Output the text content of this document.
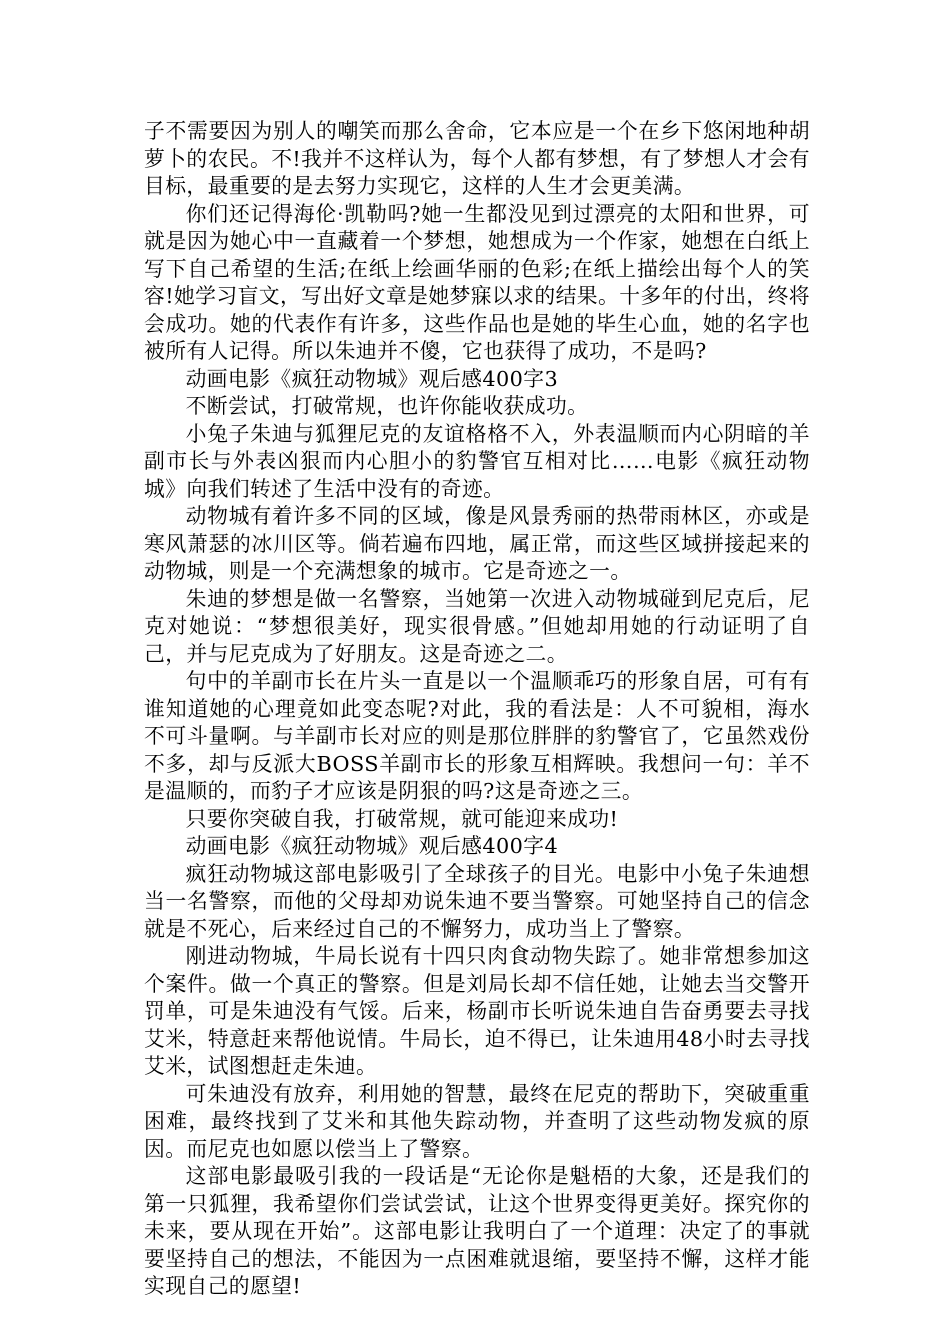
子不需要因为别人的嘲笑而那么舍命，它本应是一个在乡下悠闲地种胡萝卜的农民。不!我并不这样认为，每个人都有梦想，有了梦想人才会有目标，最重要的是去努力实现它，这样的人生才会更美满。

你们还记得海伦·凯勒吗?她一生都没见到过漂亮的太阳和世界，可就是因为她心中一直藏着一个梦想，她想成为一个作家，她想在白纸上写下自己希望的生活;在纸上绘画华丽的色彩;在纸上描绘出每个人的笑容!她学习盲文，写出好文章是她梦寐以求的结果。十多年的付出，终将会成功。她的代表作有许多，这些作品也是她的毕生心血，她的名字也被所有人记得。所以朱迪并不傻，它也获得了成功，不是吗?

动画电影《疯狂动物城》观后感400字3

不断尝试，打破常规，也许你能收获成功。

小兔子朱迪与狐狸尼克的友谊格格不入，外表温顺而内心阴暗的羊副市长与外表凶狠而内心胆小的豹警官互相对比……电影《疯狂动物城》向我们转述了生活中没有的奇迹。

动物城有着许多不同的区域，像是风景秀丽的热带雨林区，亦或是寒风萧瑟的冰川区等。倘若遍布四地，属正常，而这些区域拼接起来的动物城，则是一个充满想象的城市。它是奇迹之一。

朱迪的梦想是做一名警察，当她第一次进入动物城碰到尼克后，尼克对她说：“梦想很美好，现实很骨感。”但她却用她的行动证明了自己，并与尼克成为了好朋友。这是奇迹之二。

句中的羊副市长在片头一直是以一个温顺乖巧的形象自居，可有有谁知道她的心理竟如此变态呢?对此，我的看法是：人不可貌相，海水不可斗量啊。与羊副市长对应的则是那位胖胖的豹警官了，它虽然戏份不多，却与反派大BOSS羊副市长的形象互相辉映。我想问一句：羊不是温顺的，而豹子才应该是阴狠的吗?这是奇迹之三。

只要你突破自我，打破常规，就可能迎来成功!

动画电影《疯狂动物城》观后感400字4

疯狂动物城这部电影吸引了全球孩子的目光。电影中小兔子朱迪想当一名警察，而他的父母却劝说朱迪不要当警察。可她坚持自己的信念就是不死心，后来经过自己的不懈努力，成功当上了警察。

刚进动物城，牛局长说有十四只肉食动物失踪了。她非常想参加这个案件。做一个真正的警察。但是刘局长却不信任她，让她去当交警开罚单，可是朱迪没有气馁。后来，杨副市长听说朱迪自告奋勇要去寻找艾米，特意赶来帮他说情。牛局长，迫不得已，让朱迪用48小时去寻找艾米，试图想赶走朱迪。

可朱迪没有放弃，利用她的智慧，最终在尼克的帮助下，突破重重困难，最终找到了艾米和其他失踪动物，并查明了这些动物发疯的原因。而尼克也如愿以偿当上了警察。

这部电影最吸引我的一段话是“无论你是魁梧的大象，还是我们的第一只狐狸，我希望你们尝试尝试，让这个世界变得更美好。探究你的未来，要从现在开始”。这部电影让我明白了一个道理：决定了的事就要坚持自己的想法，不能因为一点困难就退缩，要坚持不懈，这样才能实现自己的愿望!
